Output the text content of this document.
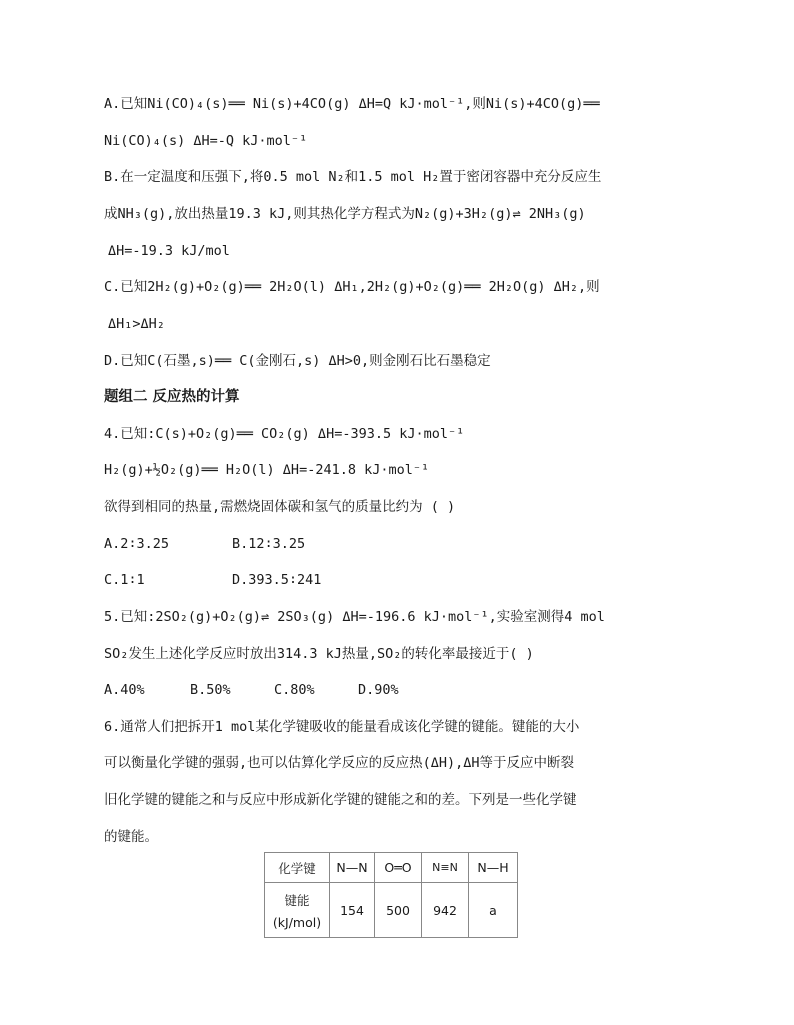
A.已知Ni(CO)₄(s)══ Ni(s)+4CO(g) ΔH=Q kJ·mol⁻¹,则Ni(s)+4CO(g)══
Ni(CO)₄(s) ΔH=-Q kJ·mol⁻¹
B.在一定温度和压强下,将0.5 mol N₂和1.5 mol H₂置于密闭容器中充分反应生
成NH₃(g),放出热量19.3 kJ,则其热化学方程式为N₂(g)+3H₂(g)⇌ 2NH₃(g)
ΔH=-19.3 kJ/mol
C.已知2H₂(g)+O₂(g)══ 2H₂O(l) ΔH₁,2H₂(g)+O₂(g)══ 2H₂O(g) ΔH₂,则
ΔH₁>ΔH₂
D.已知C(石墨,s)══ C(金刚石,s) ΔH>0,则金刚石比石墨稳定
题组二 反应热的计算
4.已知:C(s)+O₂(g)══ CO₂(g) ΔH=-393.5 kJ·mol⁻¹
H₂(g)+½O₂(g)══ H₂O(l) ΔH=-241.8 kJ·mol⁻¹
欲得到相同的热量,需燃烧固体碳和氢气的质量比约为 ( )
A.2∶3.25	B.12∶3.25
C.1∶1	D.393.5∶241
5.已知:2SO₂(g)+O₂(g)⇌ 2SO₃(g) ΔH=-196.6 kJ·mol⁻¹,实验室测得4 mol
SO₂发生上述化学反应时放出314.3 kJ热量,SO₂的转化率最接近于( )
A.40%	B.50%	C.80%	D.90%
6.通常人们把拆开1 mol某化学键吸收的能量看成该化学键的键能。键能的大小
可以衡量化学键的强弱,也可以估算化学反应的反应热(ΔH),ΔH等于反应中断裂
旧化学键的键能之和与反应中形成新化学键的键能之和的差。下列是一些化学键
的键能。
化学键	N—N	O═O	N≡N	N—H

键能
(kJ/mol)	154	500	942	a
